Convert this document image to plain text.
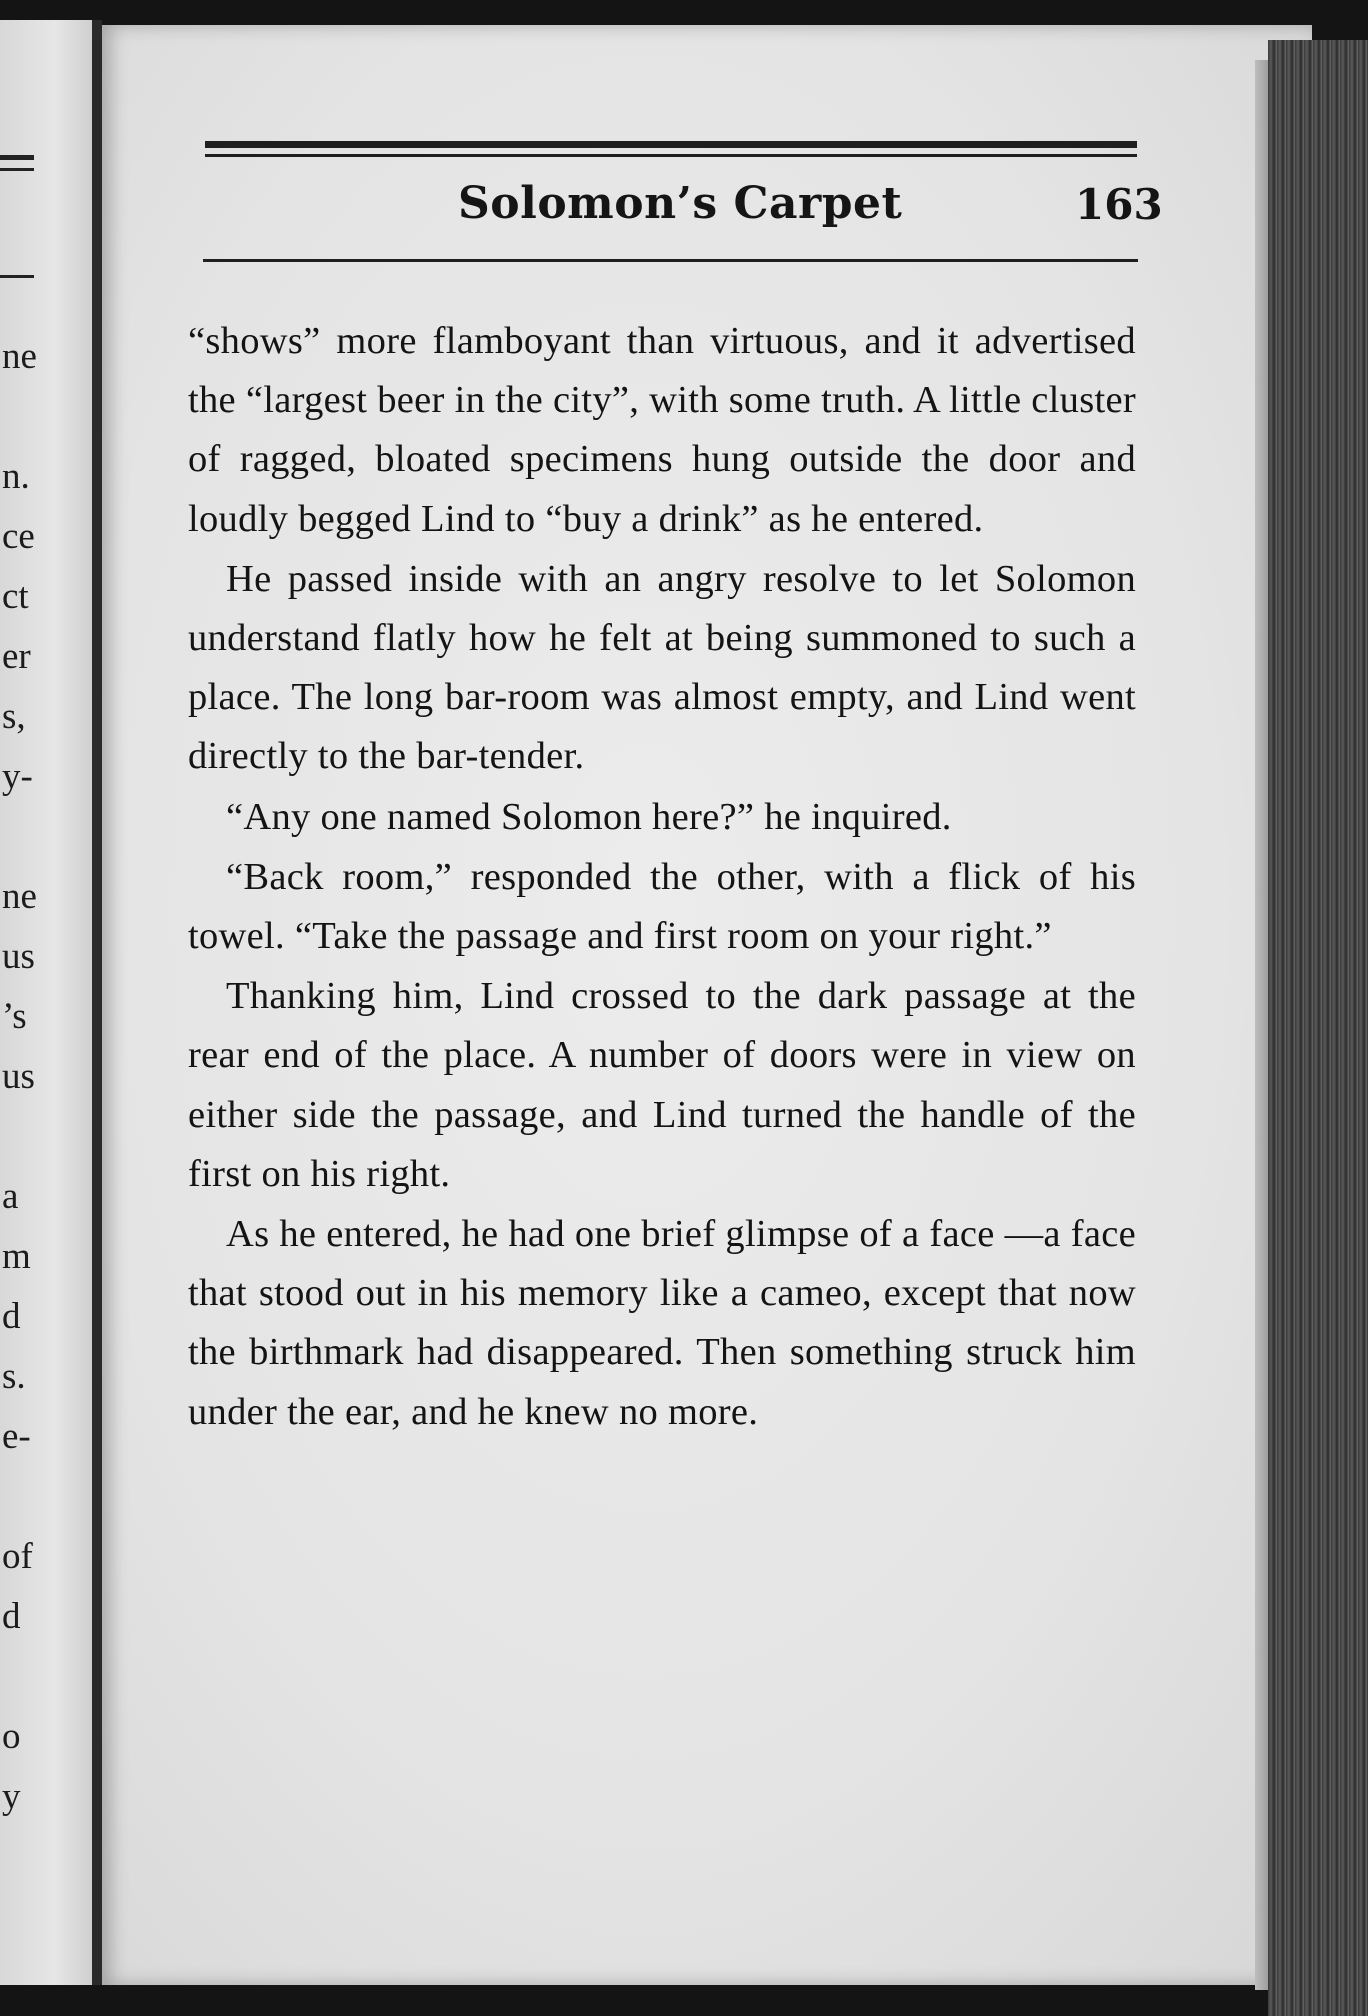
ne
n.
ce
ct
er
s,
y-
ne
us
’s
us
a
m
d
s.
e-
of
d
o
y
Solomon’s Carpet	163

“shows” more flamboyant than virtuous, and it advertised the “largest beer in the city”, with some truth. A little cluster of ragged, bloated specimens hung outside the door and loudly begged Lind to “buy a drink” as he entered.

He passed inside with an angry resolve to let Solomon understand flatly how he felt at being summoned to such a place. The long bar-room was almost empty, and Lind went directly to the bar-tender.

“Any one named Solomon here?” he inquired.

“Back room,” responded the other, with a flick of his towel. “Take the passage and first room on your right.”

Thanking him, Lind crossed to the dark passage at the rear end of the place. A number of doors were in view on either side the passage, and Lind turned the handle of the first on his right.

As he entered, he had one brief glimpse of a face —a face that stood out in his memory like a cameo, except that now the birthmark had disappeared. Then something struck him under the ear, and he knew no more.
